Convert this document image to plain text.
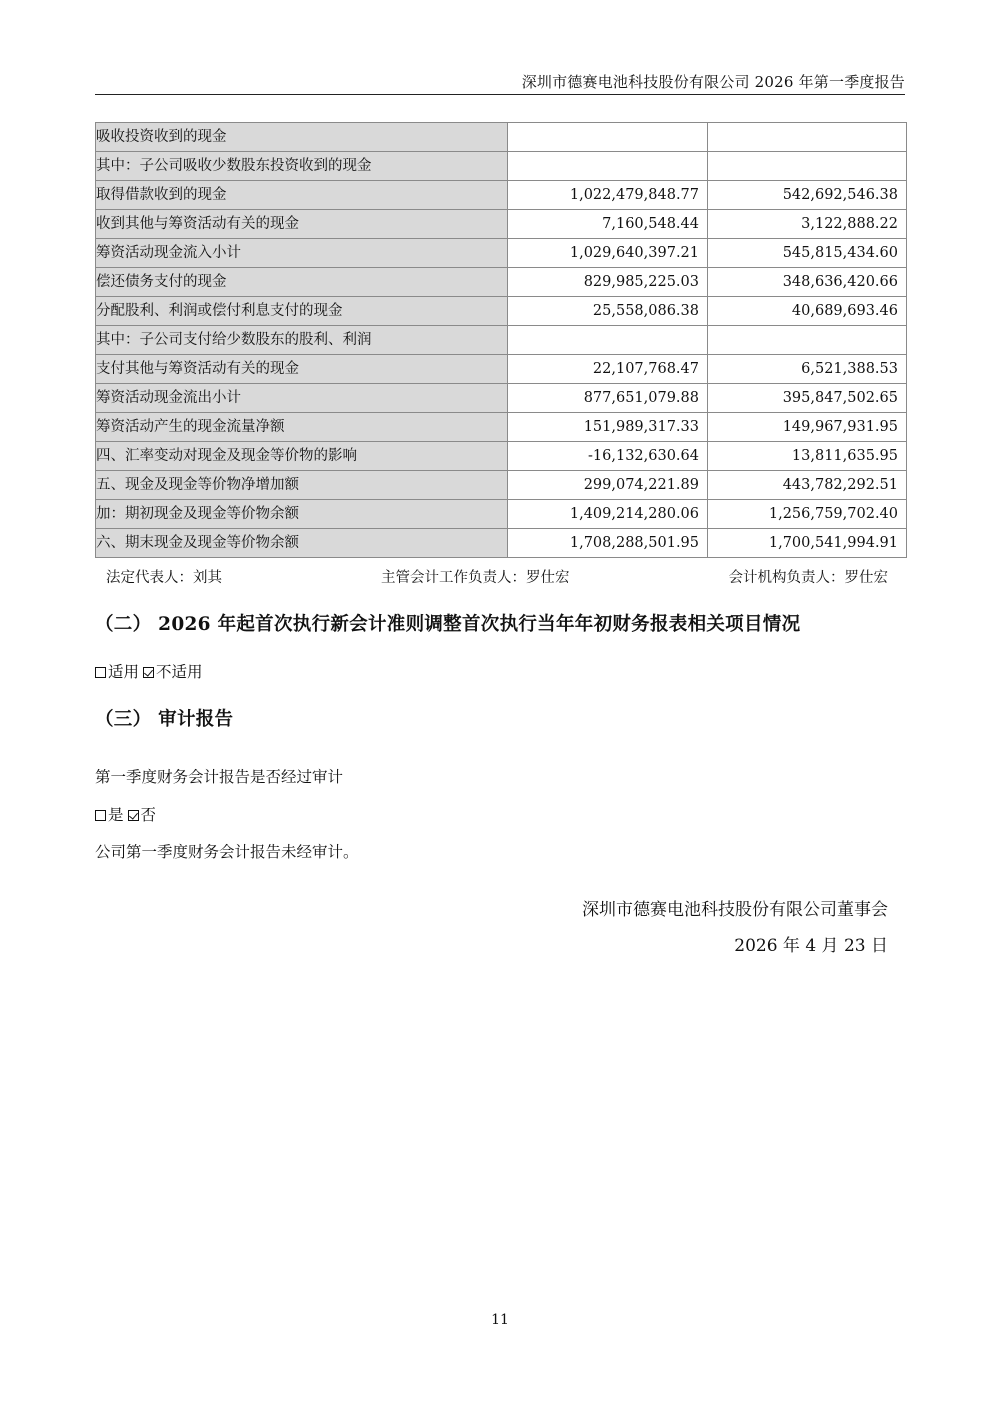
深圳市德赛电池科技股份有限公司 2026 年第一季度报告
吸收投资收到的现金		
其中：子公司吸收少数股东投资收到的现金		
取得借款收到的现金	1,022,479,848.77	542,692,546.38
收到其他与筹资活动有关的现金	7,160,548.44	3,122,888.22
筹资活动现金流入小计	1,029,640,397.21	545,815,434.60
偿还债务支付的现金	829,985,225.03	348,636,420.66
分配股利、利润或偿付利息支付的现金	25,558,086.38	40,689,693.46
其中：子公司支付给少数股东的股利、利润		
支付其他与筹资活动有关的现金	22,107,768.47	6,521,388.53
筹资活动现金流出小计	877,651,079.88	395,847,502.65
筹资活动产生的现金流量净额	151,989,317.33	149,967,931.95
四、汇率变动对现金及现金等价物的影响	-16,132,630.64	13,811,635.95
五、现金及现金等价物净增加额	299,074,221.89	443,782,292.51
加：期初现金及现金等价物余额	1,409,214,280.06	1,256,759,702.40
六、期末现金及现金等价物余额	1,708,288,501.95	1,700,541,994.91
法定代表人：刘其	主管会计工作负责人：罗仕宏	会计机构负责人：罗仕宏
（二） 2026 年起首次执行新会计准则调整首次执行当年年初财务报表相关项目情况
适用 不适用
（三） 审计报告
第一季度财务会计报告是否经过审计
是 否
公司第一季度财务会计报告未经审计。
深圳市德赛电池科技股份有限公司董事会
2026 年 4 月 23 日
11
